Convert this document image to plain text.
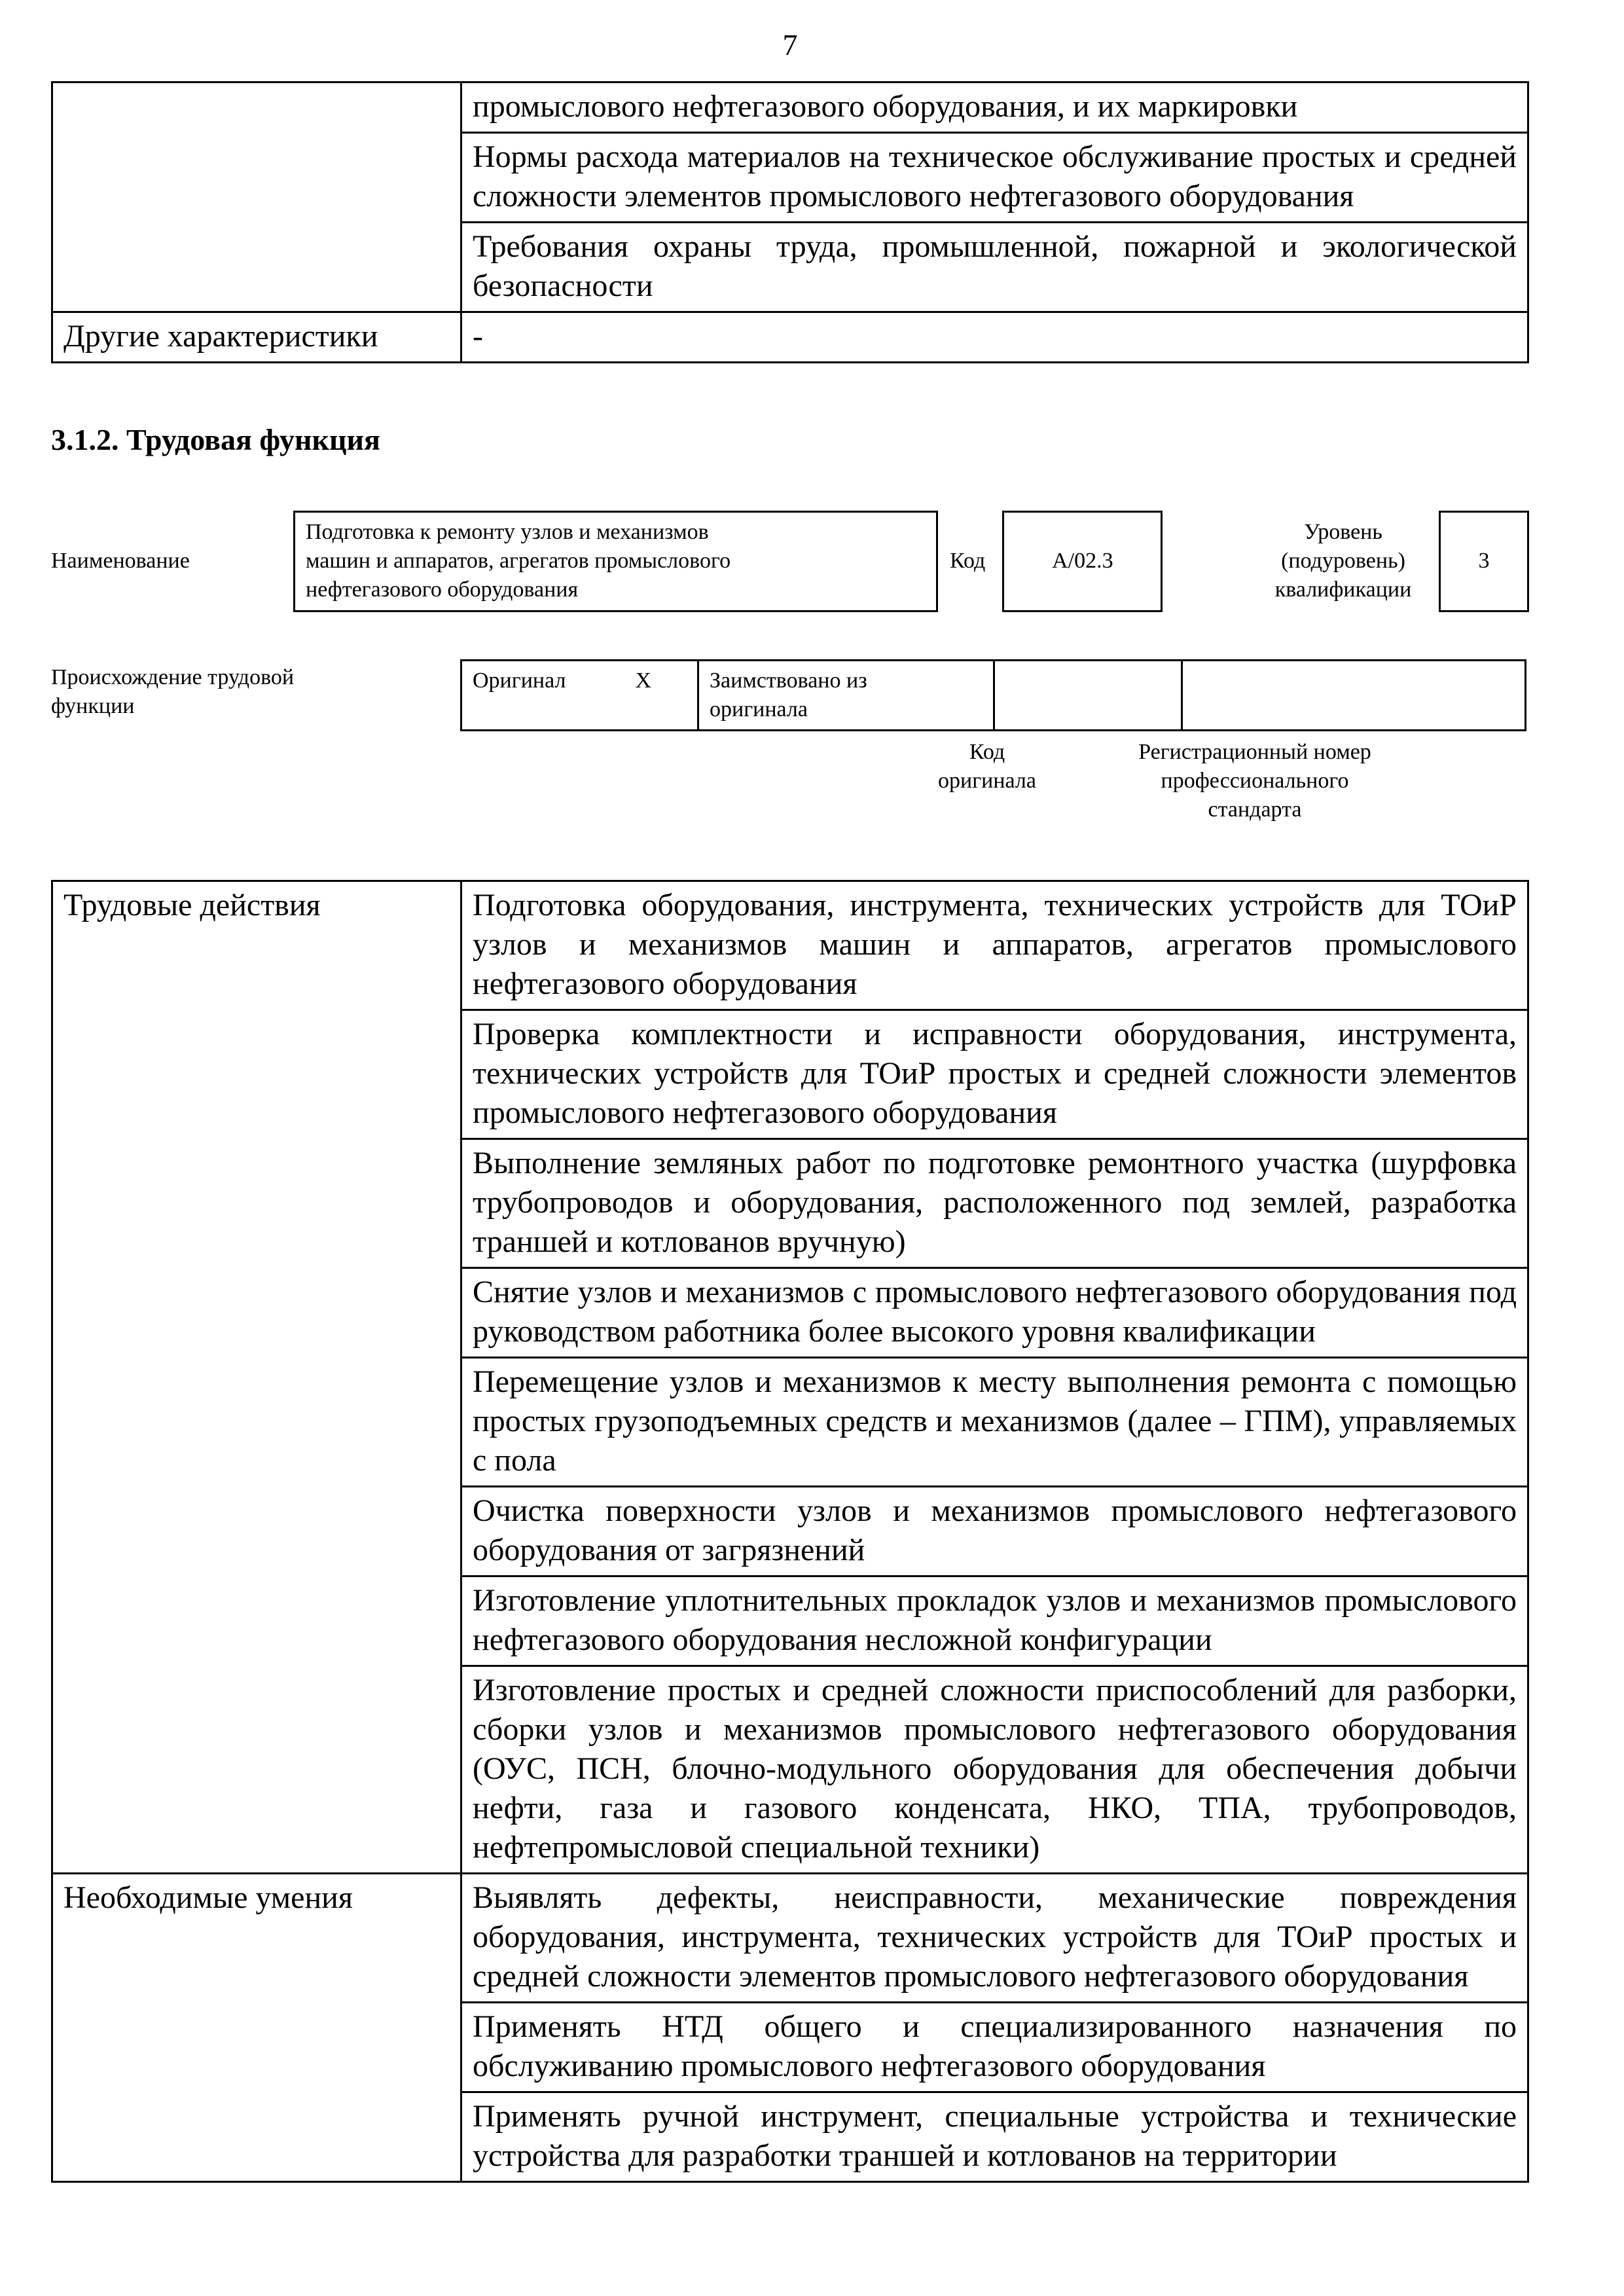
7
	промыслового нефтегазового оборудования, и их маркировки
	Нормы расхода материалов на техническое обслуживание простых и средней сложности элементов промыслового нефтегазового оборудования
	Требования охраны труда, промышленной, пожарной и экологической безопасности
Другие характеристики	-
3.1.2. Трудовая функция
Наименование
Подготовка к ремонту узлов и механизмов машин и аппаратов, агрегатов промыслового нефтегазового оборудования
Код	А/02.3
Уровень (подуровень) квалификации
3
Происхождение трудовой функции
Оригинал	X	Заимствовано из оригинала
Код оригинала
Регистрационный номер профессионального стандарта
Трудовые действия	Подготовка оборудования, инструмента, технических устройств для ТОиР узлов и механизмов машин и аппаратов, агрегатов промыслового нефтегазового оборудования
	Проверка комплектности и исправности оборудования, инструмента, технических устройств для ТОиР простых и средней сложности элементов промыслового нефтегазового оборудования
	Выполнение земляных работ по подготовке ремонтного участка (шурфовка трубопроводов и оборудования, расположенного под землей, разработка траншей и котлованов вручную)
	Снятие узлов и механизмов с промыслового нефтегазового оборудования под руководством работника более высокого уровня квалификации
	Перемещение узлов и механизмов к месту выполнения ремонта с помощью простых грузоподъемных средств и механизмов (далее – ГПМ), управляемых с пола
	Очистка поверхности узлов и механизмов промыслового нефтегазового оборудования от загрязнений
	Изготовление уплотнительных прокладок узлов и механизмов промыслового нефтегазового оборудования несложной конфигурации
	Изготовление простых и средней сложности приспособлений для разборки, сборки узлов и механизмов промыслового нефтегазового оборудования (ОУС, ПСН, блочно-модульного оборудования для обеспечения добычи нефти, газа и газового конденсата, НКО, ТПА, трубопроводов, нефтепромысловой специальной техники)
Необходимые умения	Выявлять дефекты, неисправности, механические повреждения оборудования, инструмента, технических устройств для ТОиР простых и средней сложности элементов промыслового нефтегазового оборудования
	Применять НТД общего и специализированного назначения по обслуживанию промыслового нефтегазового оборудования
	Применять ручной инструмент, специальные устройства и технические устройства для разработки траншей и котлованов на территории
